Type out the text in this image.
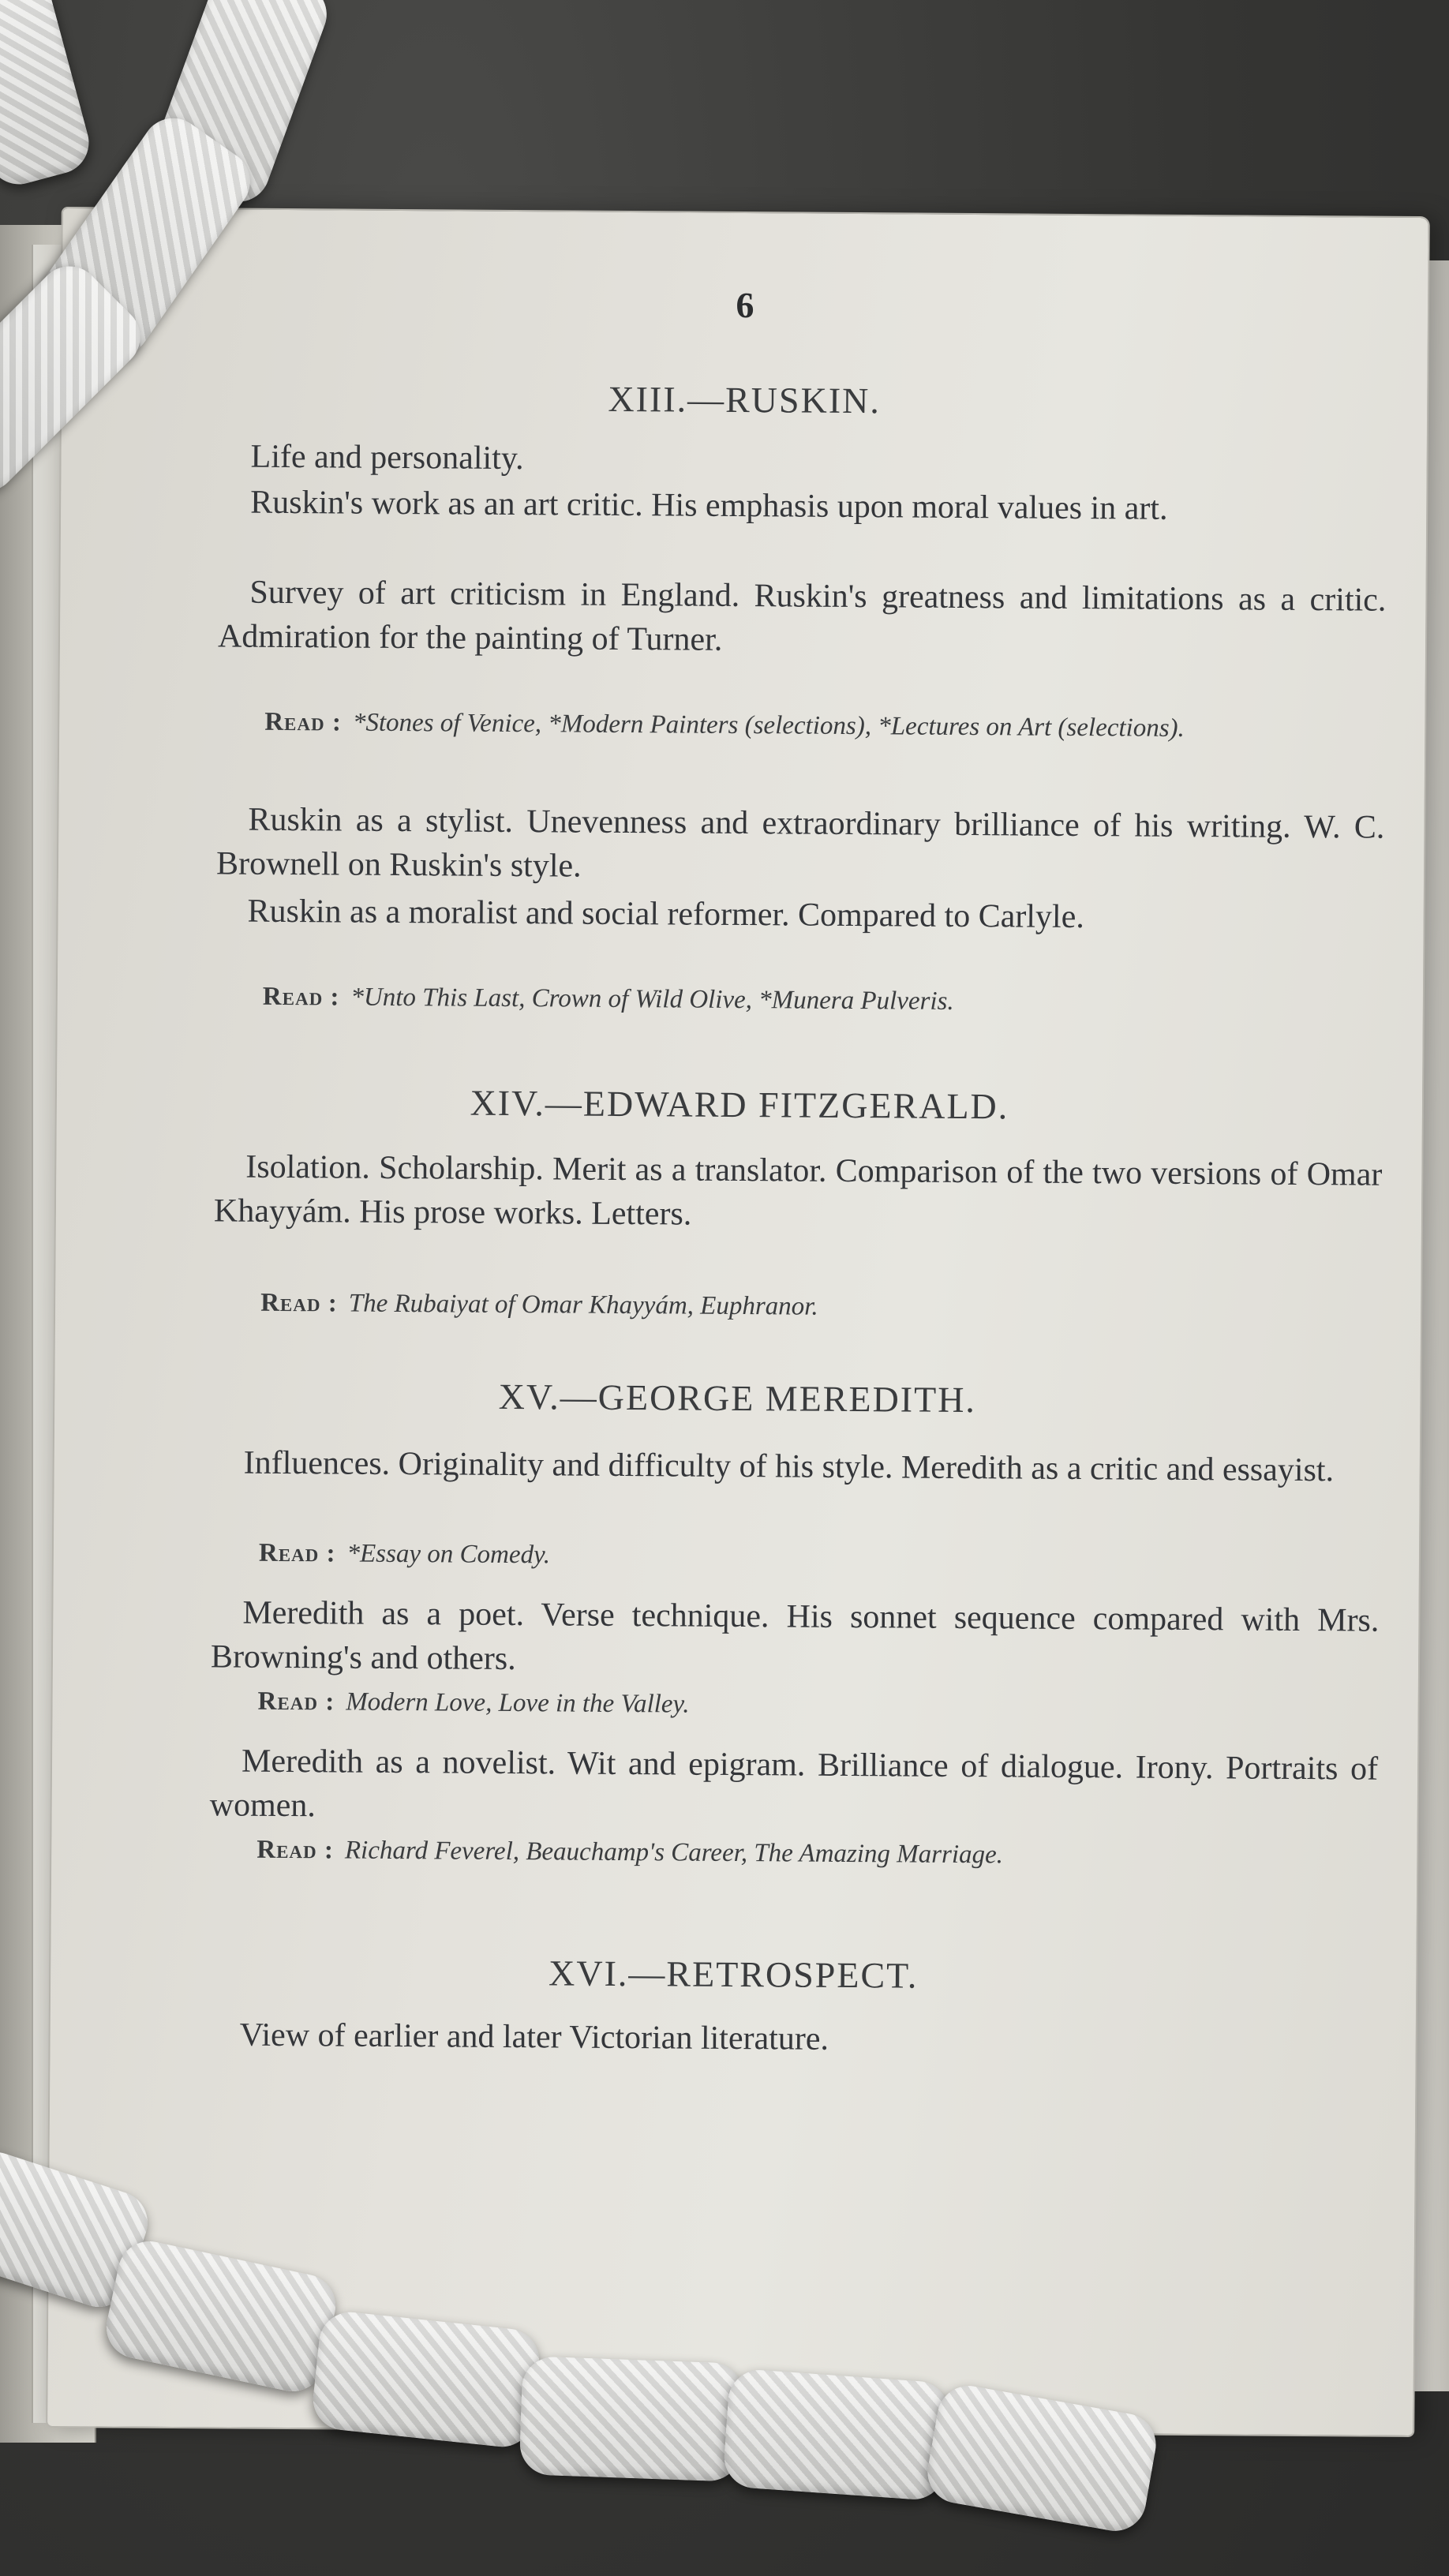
6
XIII.—RUSKIN.
Life and personality.
Ruskin's work as an art critic. His emphasis upon moral values in art.
Survey of art criticism in England. Ruskin's greatness and limitations as a critic. Admiration for the painting of Turner.
Read : *Stones of Venice, *Modern Painters (selections), *Lectures on Art (selections).
Ruskin as a stylist. Unevenness and extraordinary brilliance of his writing. W. C. Brownell on Ruskin's style.
Ruskin as a moralist and social reformer. Compared to Carlyle.
Read : *Unto This Last, Crown of Wild Olive, *Munera Pulveris.
XIV.—EDWARD FITZGERALD.
Isolation. Scholarship. Merit as a translator. Comparison of the two versions of Omar Khayyám. His prose works. Letters.
Read : The Rubaiyat of Omar Khayyám, Euphranor.
XV.—GEORGE MEREDITH.
Influences. Originality and difficulty of his style. Meredith as a critic and essayist.
Read : *Essay on Comedy.
Meredith as a poet. Verse technique. His sonnet sequence compared with Mrs. Browning's and others.
Read : Modern Love, Love in the Valley.
Meredith as a novelist. Wit and epigram. Brilliance of dialogue. Irony. Portraits of women.
Read : Richard Feverel, Beauchamp's Career, The Amazing Marriage.
XVI.—RETROSPECT.
View of earlier and later Victorian literature.
